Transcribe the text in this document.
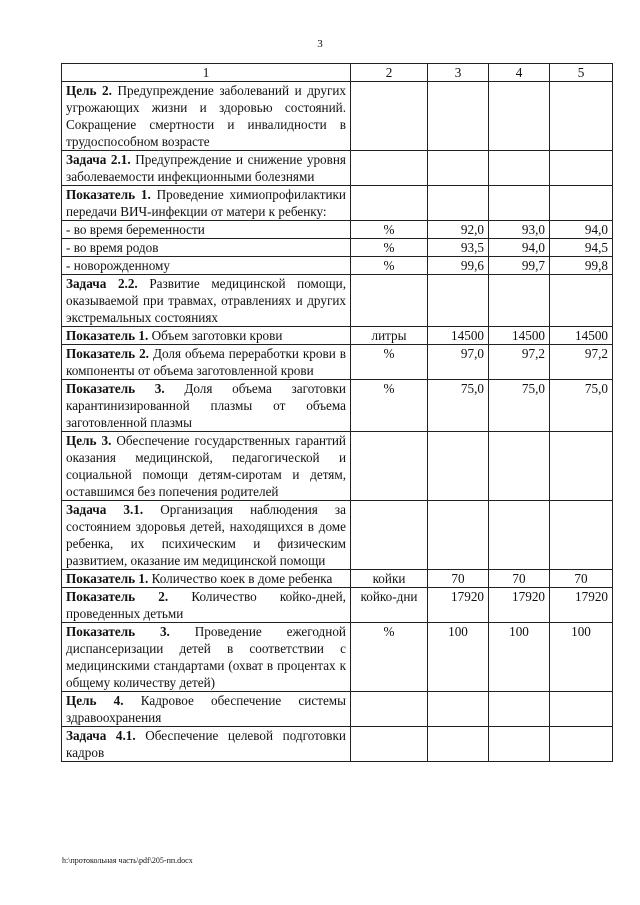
3
1	2	3	4	5
Цель 2. Предупреждение заболеваний и других угрожающих жизни и здоровью состояний. Сокращение смертности и инвалидности в трудоспособном возрасте				
Задача 2.1. Предупреждение и снижение уровня заболеваемости инфекционными болезнями				
Показатель 1. Проведение химиопрофилактики передачи ВИЧ-инфекции от матери к ребенку:				
- во время беременности	%	92,0	93,0	94,0
- во время родов	%	93,5	94,0	94,5
- новорожденному	%	99,6	99,7	99,8
Задача 2.2. Развитие медицинской помощи, оказываемой при травмах, отравлениях и других экстремальных состояниях				
Показатель 1. Объем заготовки крови	литры	14500	14500	14500
Показатель 2. Доля объема переработки крови в компоненты от объема заготовленной крови	%	97,0	97,2	97,2
Показатель 3. Доля объема заготовки карантинизированной плазмы от объема заготовленной плазмы	%	75,0	75,0	75,0
Цель 3. Обеспечение государственных гарантий оказания медицинской, педагогической и социальной помощи детям-сиротам и детям, оставшимся без попечения родителей				
Задача 3.1. Организация наблюдения за состоянием здоровья детей, находящихся в доме ребенка, их психическим и физическим развитием, оказание им медицинской помощи				
Показатель 1. Количество коек в доме ребенка	койки	70	70	70
Показатель 2. Количество койко-дней, проведенных детьми	койко-дни	17920	17920	17920
Показатель 3. Проведение ежегодной диспансеризации детей в соответствии с медицинскими стандартами (охват в процентах к общему количеству детей)	%	100	100	100
Цель 4. Кадровое обеспечение системы здравоохранения				
Задача 4.1. Обеспечение целевой подготовки кадров				
h:\протокольная часть\pdf\205-пп.docx
